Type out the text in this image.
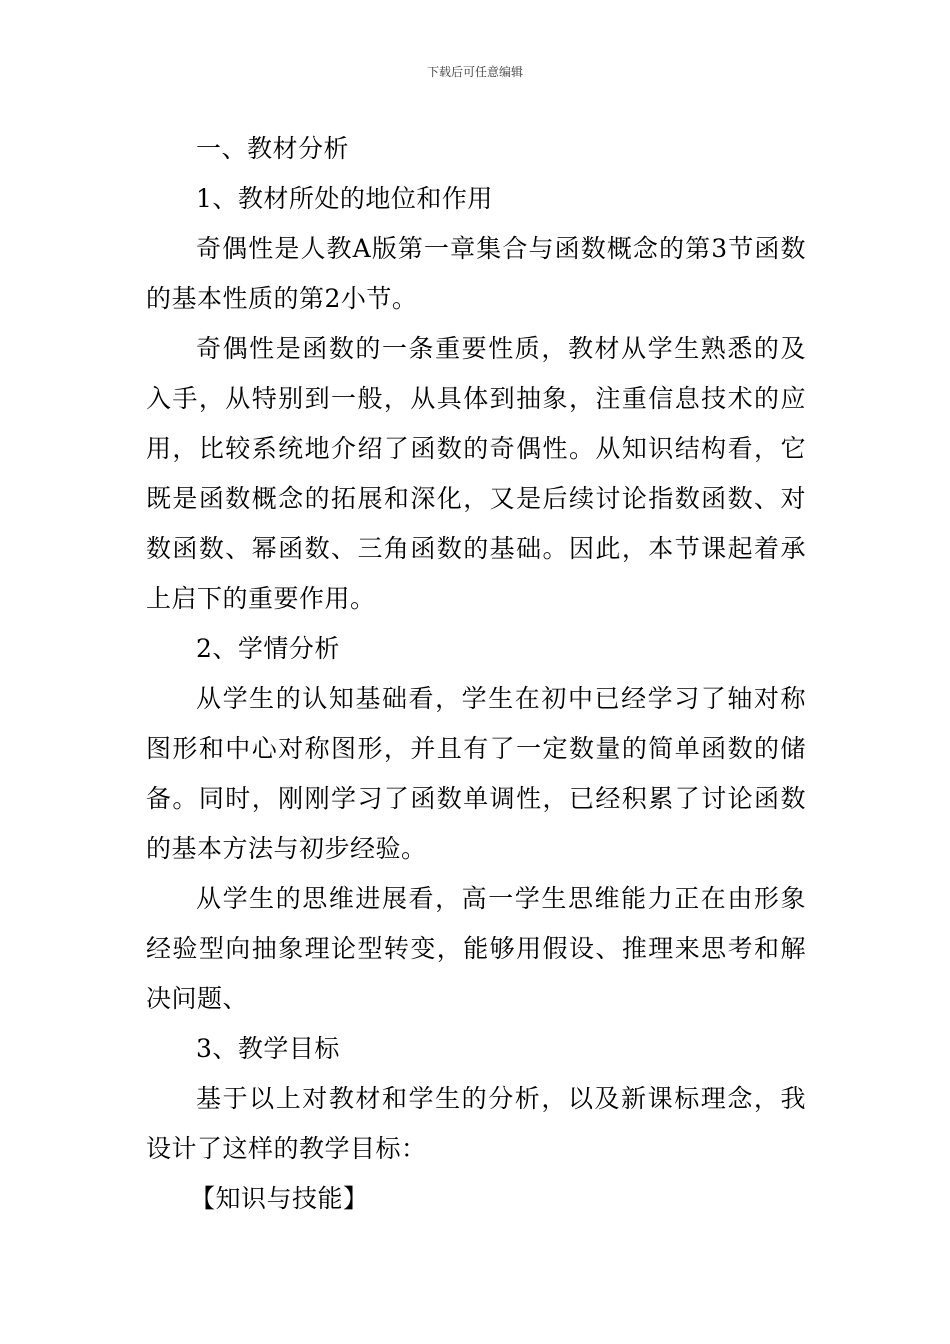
下载后可任意编辑

一、教材分析

1、教材所处的地位和作用

奇偶性是人教A版第一章集合与函数概念的第3节函数的基本性质的第2小节。

奇偶性是函数的一条重要性质，教材从学生熟悉的及入手，从特别到一般，从具体到抽象，注重信息技术的应用，比较系统地介绍了函数的奇偶性。从知识结构看，它既是函数概念的拓展和深化，又是后续讨论指数函数、对数函数、幂函数、三角函数的基础。因此，本节课起着承上启下的重要作用。

2、学情分析

从学生的认知基础看，学生在初中已经学习了轴对称图形和中心对称图形，并且有了一定数量的简单函数的储备。同时，刚刚学习了函数单调性，已经积累了讨论函数的基本方法与初步经验。

从学生的思维进展看，高一学生思维能力正在由形象经验型向抽象理论型转变，能够用假设、推理来思考和解决问题、

3、教学目标

基于以上对教材和学生的分析，以及新课标理念，我设计了这样的教学目标：

【知识与技能】
